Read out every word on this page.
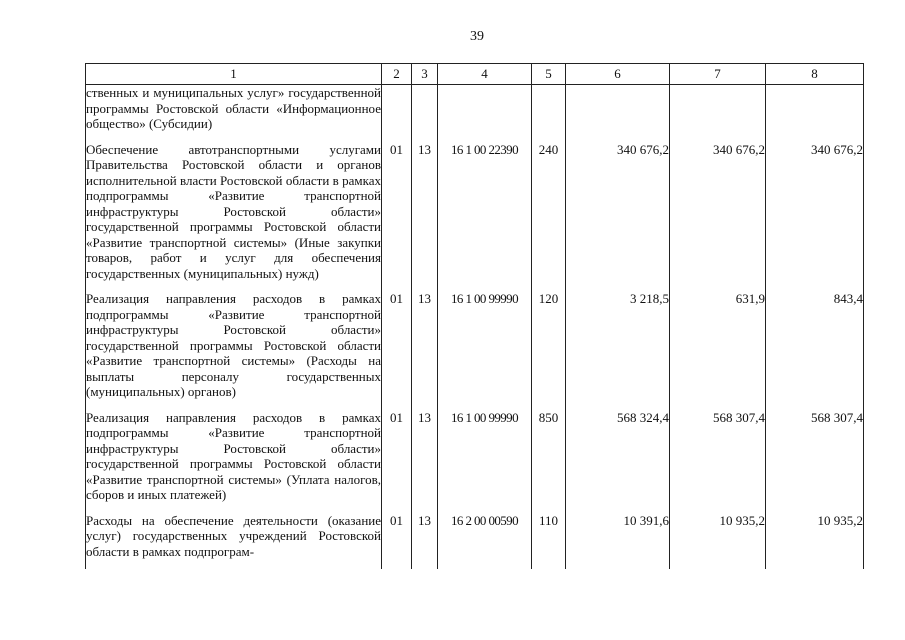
39
1	2	3	4	5	6	7	8
ственных и муниципальных услуг» государственной программы Ростовской области «Информационное общество» (Субсидии)							
Обеспечение автотранспортными услугами Правительства Ростовской области и органов исполнительной власти Ростовской области в рамках подпрограммы «Развитие транспортной инфраструктуры Ростовской области» государственной программы Ростовской области «Развитие транспортной системы» (Иные закупки товаров, работ и услуг для обеспечения государственных (муниципальных) нужд)	01	13	16 1 00 22390	240	340 676,2	340 676,2	340 676,2
Реализация направления расходов в рамках подпрограммы «Развитие транспортной инфраструктуры Ростовской области» государственной программы Ростовской области «Развитие транспортной системы» (Расходы на выплаты персоналу государственных (муниципальных) органов)	01	13	16 1 00 99990	120	3 218,5	631,9	843,4
Реализация направления расходов в рамках подпрограммы «Развитие транспортной инфраструктуры Ростовской области» государственной программы Ростовской области «Развитие транспортной системы» (Уплата налогов, сборов и иных платежей)	01	13	16 1 00 99990	850	568 324,4	568 307,4	568 307,4
Расходы на обеспечение деятельности (оказание услуг) государственных учреждений Ростовской области в рамках подпрограм-	01	13	16 2 00 00590	110	10 391,6	10 935,2	10 935,2
